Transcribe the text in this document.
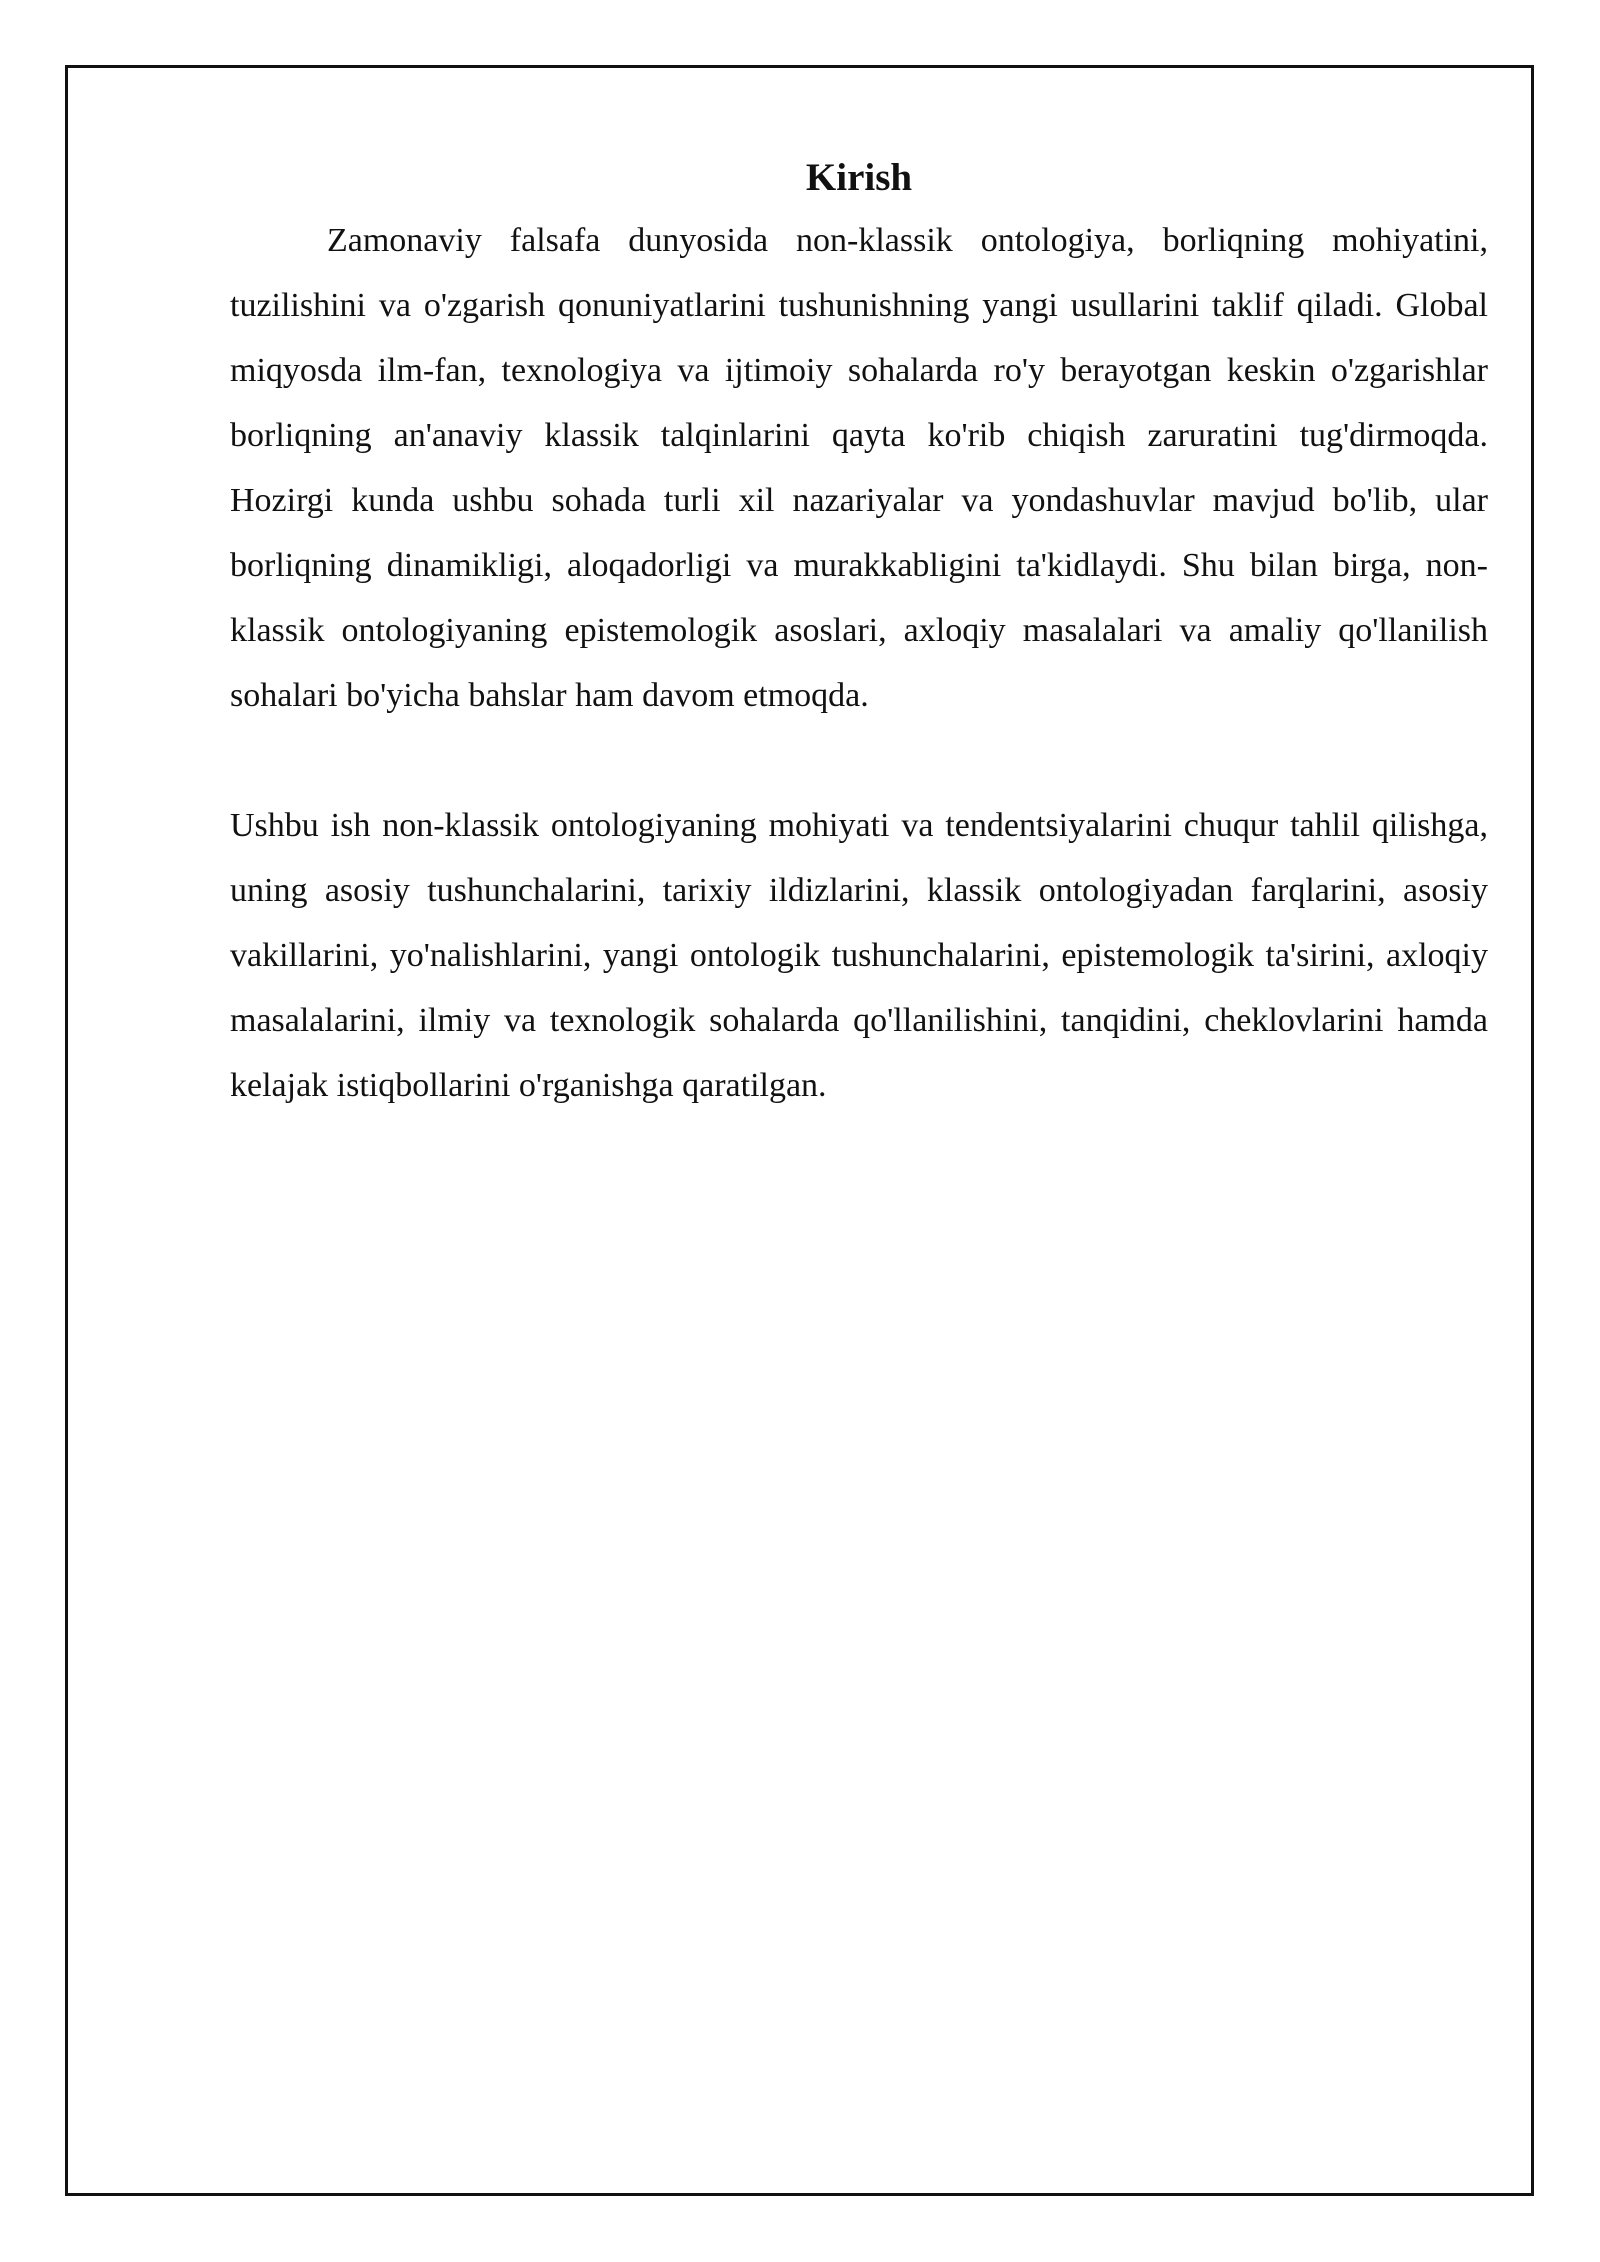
Kirish

Zamonaviy falsafa dunyosida non-klassik ontologiya, borliqning mohiyatini, tuzilishini va o'zgarish qonuniyatlarini tushunishning yangi usullarini taklif qiladi. Global miqyosda ilm-fan, texnologiya va ijtimoiy sohalarda ro'y berayotgan keskin o'zgarishlar borliqning an'anaviy klassik talqinlarini qayta ko'rib chiqish zaruratini tug'dirmoqda. Hozirgi kunda ushbu sohada turli xil nazariyalar va yondashuvlar mavjud bo'lib, ular borliqning dinamikligi, aloqadorligi va murakkabligini ta'kidlaydi. Shu bilan birga, non-klassik ontologiyaning epistemologik asoslari, axloqiy masalalari va amaliy qo'llanilish sohalari bo'yicha bahslar ham davom etmoqda.

Ushbu ish non-klassik ontologiyaning mohiyati va tendentsiyalarini chuqur tahlil qilishga, uning asosiy tushunchalarini, tarixiy ildizlarini, klassik ontologiyadan farqlarini, asosiy vakillarini, yo'nalishlarini, yangi ontologik tushunchalarini, epistemologik ta'sirini, axloqiy masalalarini, ilmiy va texnologik sohalarda qo'llanilishini, tanqidini, cheklovlarini hamda kelajak istiqbollarini o'rganishga qaratilgan.
